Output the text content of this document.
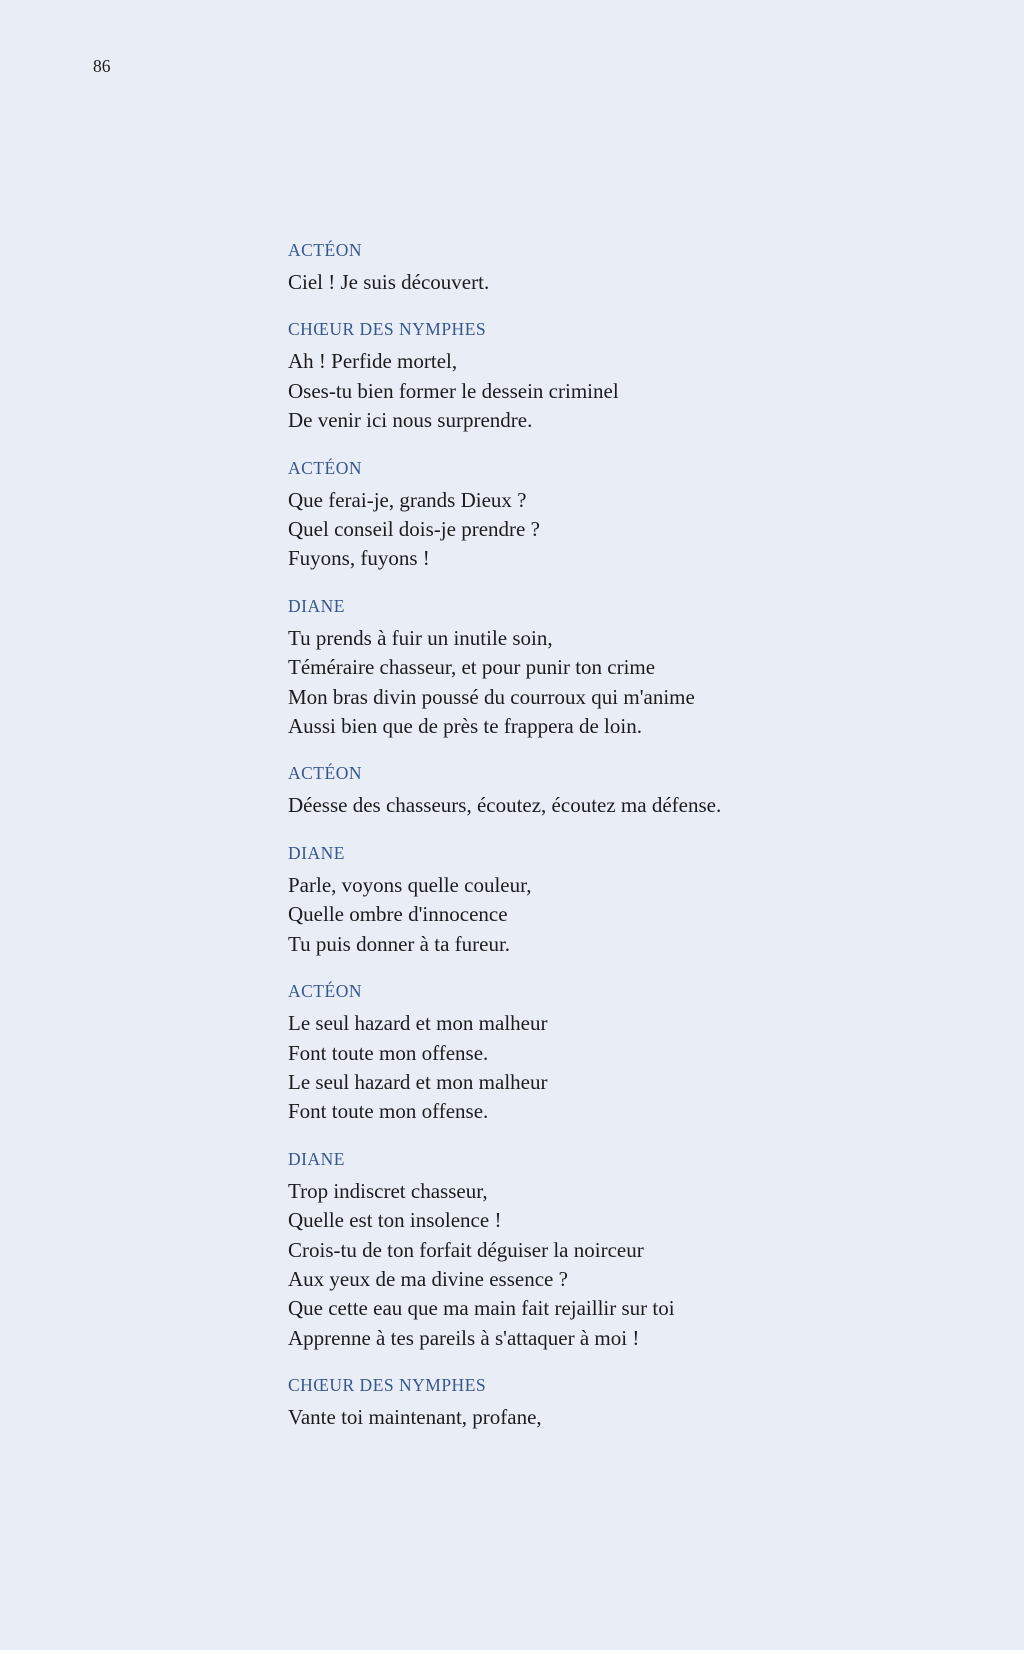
86
ACTÉON
Ciel ! Je suis découvert.
CHŒUR DES NYMPHES
Ah ! Perfide mortel,
Oses-tu bien former le dessein criminel
De venir ici nous surprendre.
ACTÉON
Que ferai-je, grands Dieux ?
Quel conseil dois-je prendre ?
Fuyons, fuyons !
DIANE
Tu prends à fuir un inutile soin,
Téméraire chasseur, et pour punir ton crime
Mon bras divin poussé du courroux qui m'anime
Aussi bien que de près te frappera de loin.
ACTÉON
Déesse des chasseurs, écoutez, écoutez ma défense.
DIANE
Parle, voyons quelle couleur,
Quelle ombre d'innocence
Tu puis donner à ta fureur.
ACTÉON
Le seul hazard et mon malheur
Font toute mon offense.
Le seul hazard et mon malheur
Font toute mon offense.
DIANE
Trop indiscret chasseur,
Quelle est ton insolence !
Crois-tu de ton forfait déguiser la noirceur
Aux yeux de ma divine essence ?
Que cette eau que ma main fait rejaillir sur toi
Apprenne à tes pareils à s'attaquer à moi !
CHŒUR DES NYMPHES
Vante toi maintenant, profane,
